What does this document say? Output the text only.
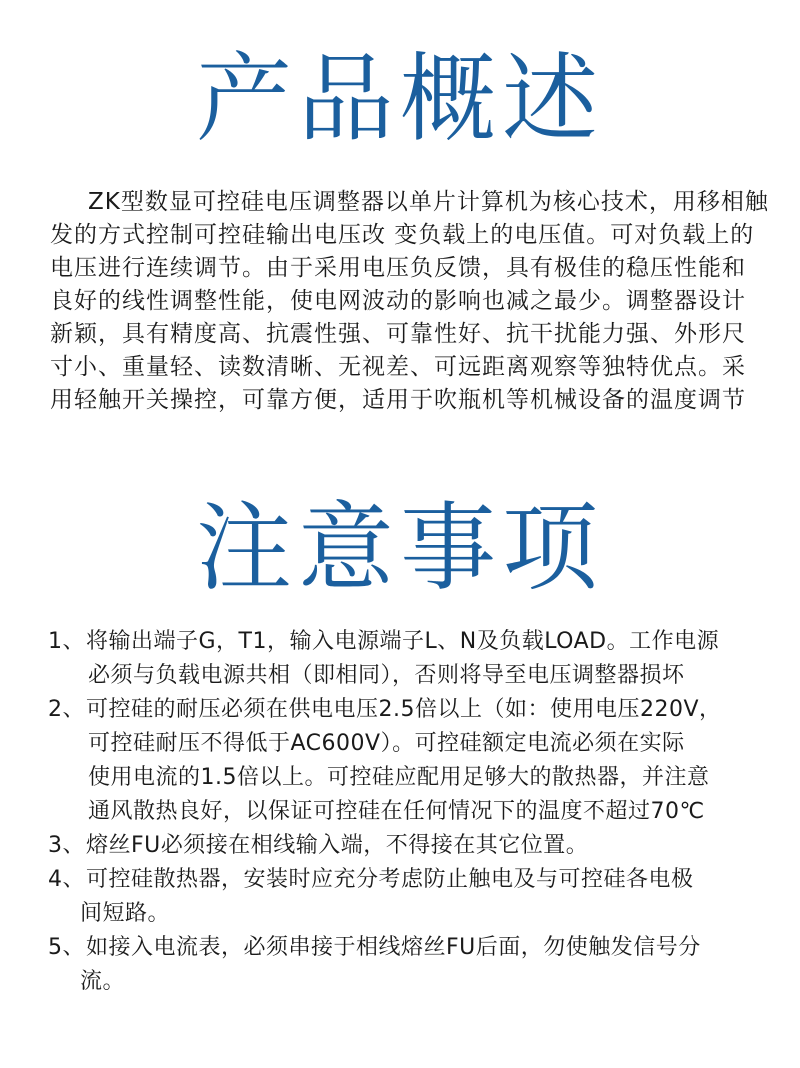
产品概述
ZK型数显可控硅电压调整器以单片计算机为核心技术，用移相触
发的方式控制可控硅输出电压改 变负载上的电压值。可对负载上的
电压进行连续调节。由于采用电压负反馈，具有极佳的稳压性能和
良好的线性调整性能，使电网波动的影响也减之最少。调整器设计
新颖，具有精度高、抗震性强、可靠性好、抗干扰能力强、外形尺
寸小、重量轻、读数清晰、无视差、可远距离观察等独特优点。采
用轻触开关操控，可靠方便，适用于吹瓶机等机械设备的温度调节
注意事项
1、 将输出端子G，T1，输入电源端子L、N及负载LOAD。工作电源
必须与负载电源共相（即相同），否则将导至电压调整器损坏
2、 可控硅的耐压必须在供电电压2.5倍以上（如：使用电压220V，
可控硅耐压不得低于AC600V）。可控硅额定电流必须在实际
使用电流的1.5倍以上。可控硅应配用足够大的散热器，并注意
通风散热良好，以保证可控硅在任何情况下的温度不超过70℃
3、 熔丝FU必须接在相线输入端，不得接在其它位置。
4、 可控硅散热器，安装时应充分考虑防止触电及与可控硅各电极
间短路。
5、 如接入电流表，必须串接于相线熔丝FU后面，勿使触发信号分
流。
